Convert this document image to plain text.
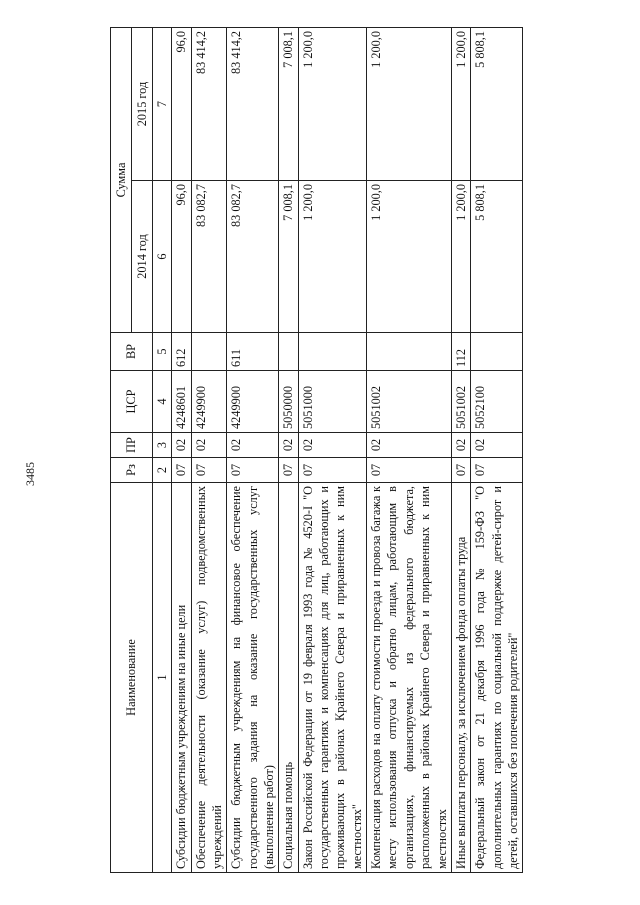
3485
Наименование	Рз	ПР	ЦСР	ВР	Сумма	
					2014 год	2015 год
1	2	3	4	5	6	7
Субсидии бюджетным учреждениям на иные цели	07	02	4248601	612	96,0	96,0
Обеспечение деятельности (оказание услуг) подведомственных учреждений	07	02	4249900		83 082,7	83 414,2
Субсидии бюджетным учреждениям на финансовое обеспечение государственного задания на оказание государственных услуг (выполнение работ)	07	02	4249900	611	83 082,7	83 414,2
Социальная помощь	07	02	5050000		7 008,1	7 008,1
Закон Российской Федерации от 19 февраля 1993 года № 4520-I "О государственных гарантиях и компенсациях для лиц, работающих и проживающих в районах Крайнего Севера и приравненных к ним местностях"	07	02	5051000		1 200,0	1 200,0
Компенсация расходов на оплату стоимости проезда и провоза багажа к месту использования отпуска и обратно лицам, работающим в организациях, финансируемых из федерального бюджета, расположенных в районах Крайнего Севера и приравненных к ним местностях	07	02	5051002		1 200,0	1 200,0
Иные выплаты персоналу, за исключением фонда оплаты труда	07	02	5051002	112	1 200,0	1 200,0
Федеральный закон от 21 декабря 1996 года № 159-ФЗ "О дополнительных гарантиях по социальной поддержке детей-сирот и детей, оставшихся без попечения родителей"	07	02	5052100		5 808,1	5 808,1
